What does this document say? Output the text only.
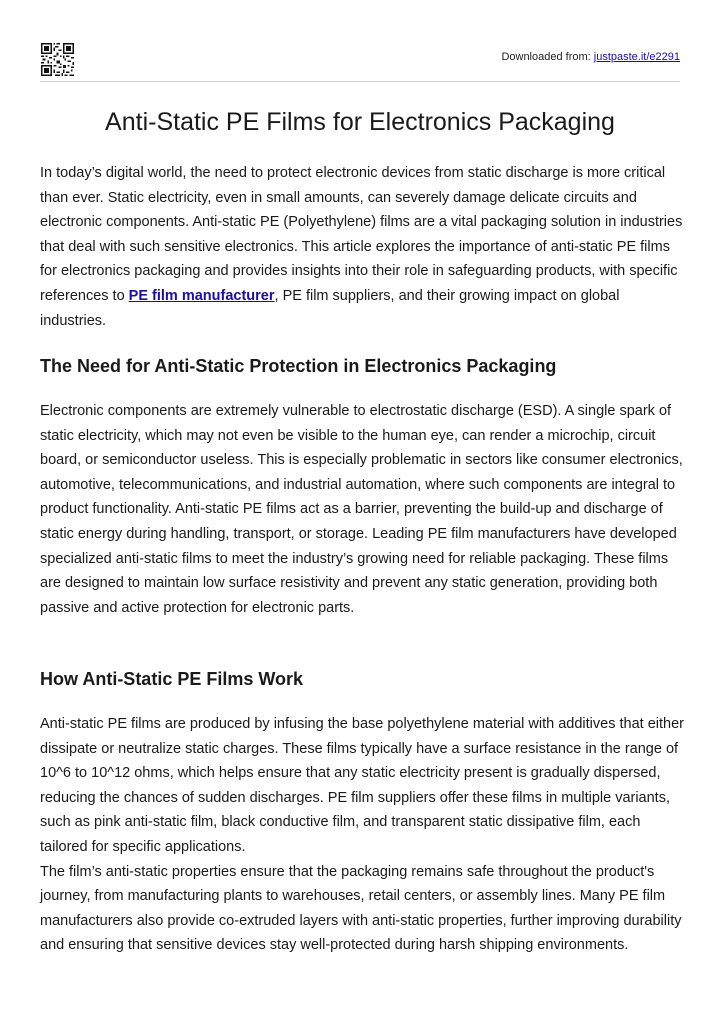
Downloaded from: justpaste.it/e2291
Anti-Static PE Films for Electronics Packaging

In today’s digital world, the need to protect electronic devices from static discharge is more critical than ever. Static electricity, even in small amounts, can severely damage delicate circuits and electronic components. Anti-static PE (Polyethylene) films are a vital packaging solution in industries that deal with such sensitive electronics. This article explores the importance of anti-static PE films for electronics packaging and provides insights into their role in safeguarding products, with specific references to PE film manufacturer, PE film suppliers, and their growing impact on global industries.

The Need for Anti-Static Protection in Electronics Packaging

Electronic components are extremely vulnerable to electrostatic discharge (ESD). A single spark of static electricity, which may not even be visible to the human eye, can render a microchip, circuit board, or semiconductor useless. This is especially problematic in sectors like consumer electronics, automotive, telecommunications, and industrial automation, where such components are integral to product functionality. Anti-static PE films act as a barrier, preventing the build-up and discharge of static energy during handling, transport, or storage. Leading PE film manufacturers have developed specialized anti-static films to meet the industry’s growing need for reliable packaging. These films are designed to maintain low surface resistivity and prevent any static generation, providing both passive and active protection for electronic parts.

How Anti-Static PE Films Work

Anti-static PE films are produced by infusing the base polyethylene material with additives that either dissipate or neutralize static charges. These films typically have a surface resistance in the range of 10^6 to 10^12 ohms, which helps ensure that any static electricity present is gradually dispersed, reducing the chances of sudden discharges. PE film suppliers offer these films in multiple variants, such as pink anti-static film, black conductive film, and transparent static dissipative film, each tailored for specific applications.

The film’s anti-static properties ensure that the packaging remains safe throughout the product's journey, from manufacturing plants to warehouses, retail centers, or assembly lines. Many PE film manufacturers also provide co-extruded layers with anti-static properties, further improving durability and ensuring that sensitive devices stay well-protected during harsh shipping environments.
